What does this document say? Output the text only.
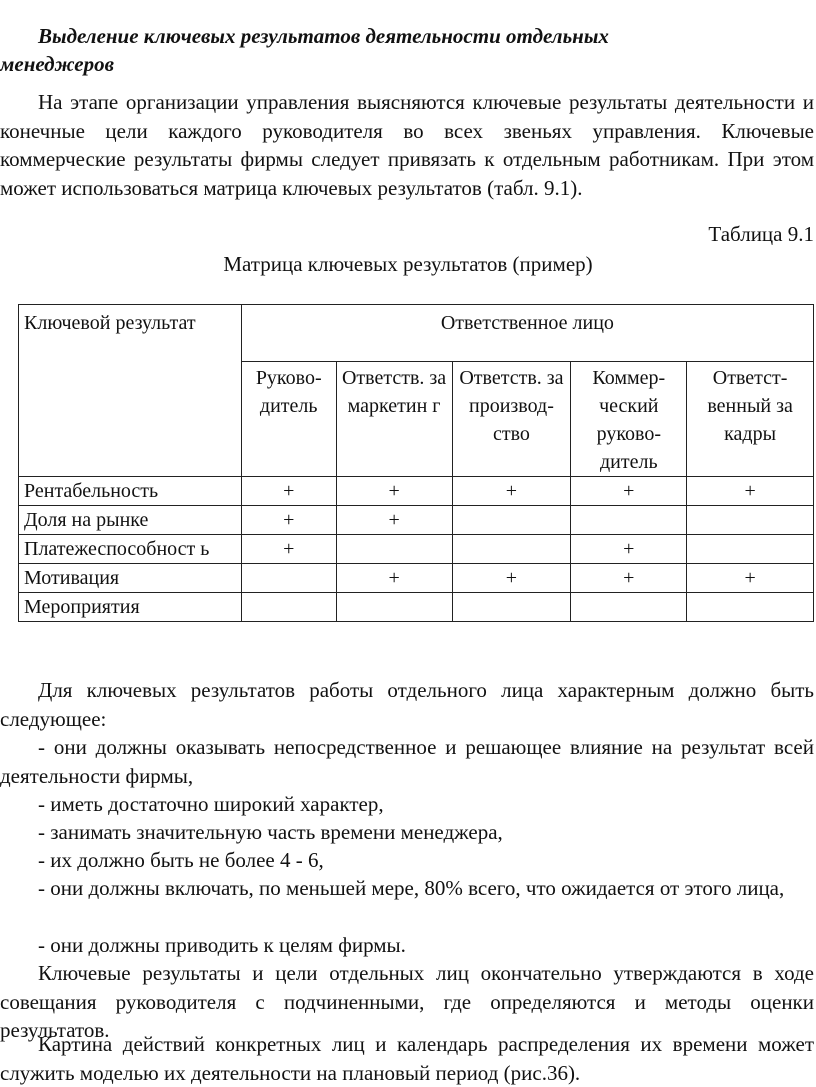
Выделение ключевых результатов деятельности отдельных
менеджеров
На этапе организации управления выясняются ключевые результаты деятельности и конечные цели каждого руководителя во всех звеньях управления. Ключевые коммерческие результаты фирмы следует привязать к отдельным работникам. При этом может использоваться матрица ключевых результатов (табл. 9.1).
Таблица 9.1
Матрица ключевых результатов (пример)
Ключевой результат	Ответственное лицо				
	Руково- дитель	Ответств. за маркетин г	Ответств. за производ- ство	Коммер- ческий руково- дитель	Ответст- венный за кадры
Рентабельность	+	+	+	+	+
Доля на рынке	+	+			
Платежеспособност ь	+			+	
Мотивация		+	+	+	+
Мероприятия					
Для ключевых результатов работы отдельного лица характерным должно быть следующее:
- они должны оказывать непосредственное и решающее влияние на результат всей деятельности фирмы,
- иметь достаточно широкий характер,
- занимать значительную часть времени менеджера,
- их должно быть не более 4 - 6,
- они должны включать, по меньшей мере, 80% всего, что ожидается от этого лица,
- они должны приводить к целям фирмы.
Ключевые результаты и цели отдельных лиц окончательно утверждаются в ходе совещания руководителя с подчиненными, где определяются и методы оценки результатов.
Картина действий конкретных лиц и календарь распределения их времени может служить моделью их деятельности на плановый период (рис.36).
